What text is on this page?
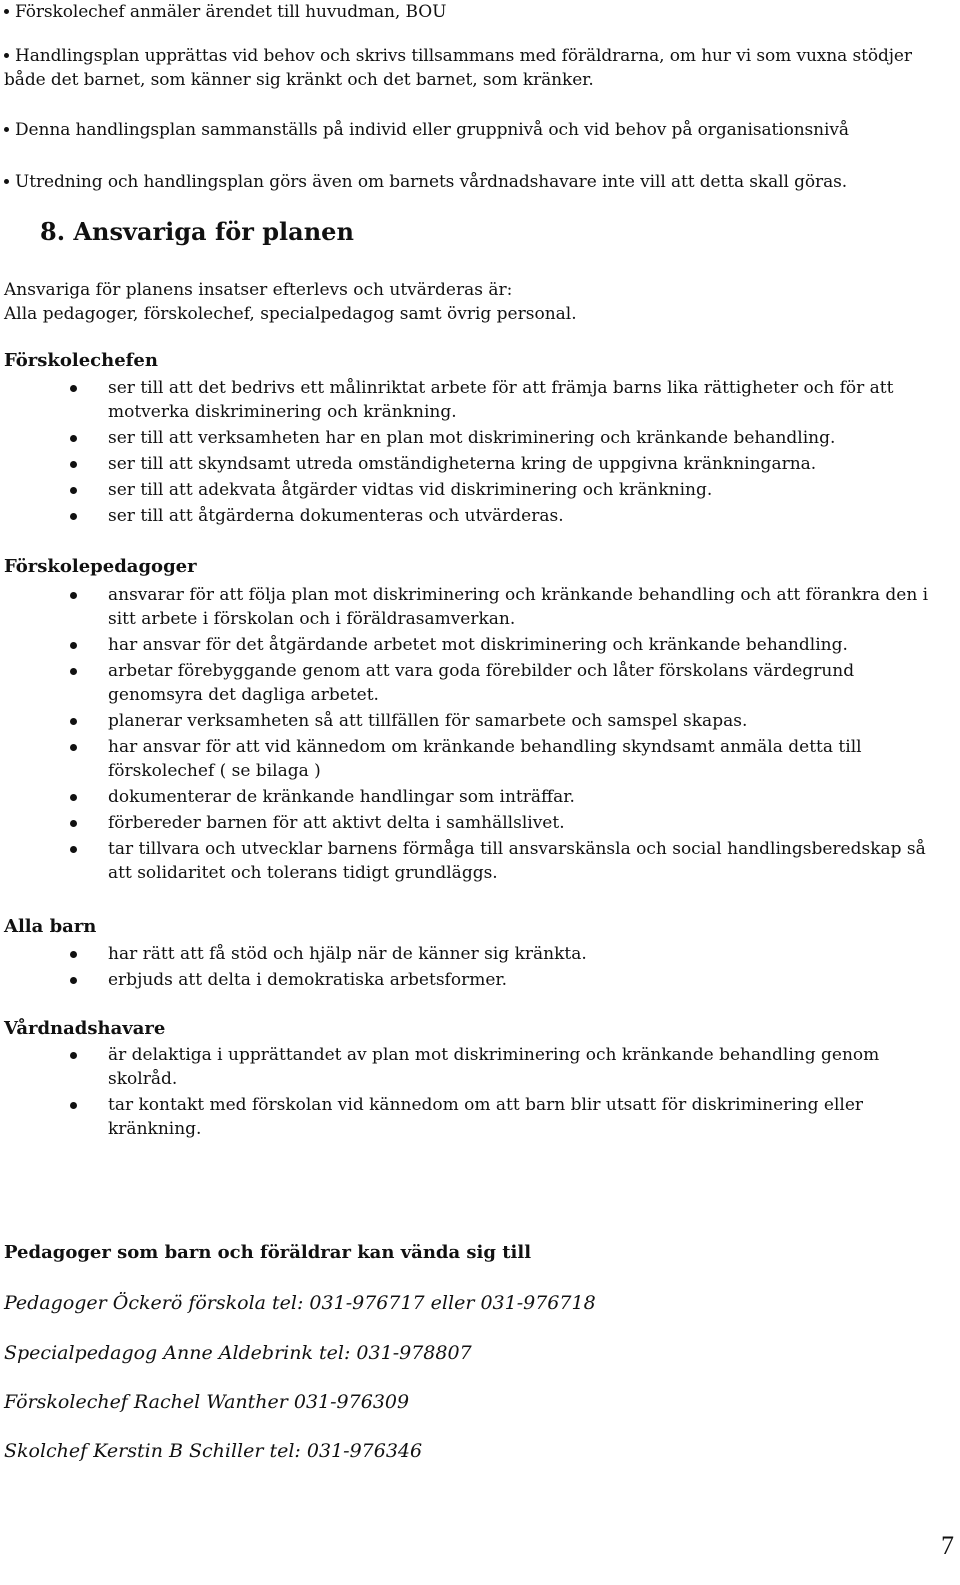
Förskolechef anmäler ärendet till huvudman, BOU
Handlingsplan upprättas vid behov och skrivs tillsammans med föräldrarna, om hur vi som vuxna stödjer både det barnet, som känner sig kränkt och det barnet, som kränker.
Denna handlingsplan sammanställs på individ eller gruppnivå och vid behov på organisationsnivå
Utredning och handlingsplan görs även om barnets vårdnadshavare inte vill att detta skall göras.
8. Ansvariga för planen
Ansvariga för planens insatser efterlevs och utvärderas är:
Alla pedagoger, förskolechef, specialpedagog samt övrig personal.
Förskolechefen
ser till att det bedrivs ett målinriktat arbete för att främja barns lika rättigheter och för att motverka diskriminering och kränkning.
ser till att verksamheten har en plan mot diskriminering och kränkande behandling.
ser till att skyndsamt utreda omständigheterna kring de uppgivna kränkningarna.
ser till att adekvata åtgärder vidtas vid diskriminering och kränkning.
ser till att åtgärderna dokumenteras och utvärderas.
Förskolepedagoger
ansvarar för att följa plan mot diskriminering och kränkande behandling och att förankra den i sitt arbete i förskolan och i föräldrasamverkan.
har ansvar för det åtgärdande arbetet mot diskriminering och kränkande behandling.
arbetar förebyggande genom att vara goda förebilder och låter förskolans värdegrund genomsyra det dagliga arbetet.
planerar verksamheten så att tillfällen för samarbete och samspel skapas.
har ansvar för att vid kännedom om kränkande behandling skyndsamt anmäla detta till förskolechef ( se bilaga )
dokumenterar de kränkande handlingar som inträffar.
förbereder barnen för att aktivt delta i samhällslivet.
tar tillvara och utvecklar barnens förmåga till ansvarskänsla och social handlingsberedskap så att solidaritet och tolerans tidigt grundläggs.
Alla barn
har rätt att få stöd och hjälp när de känner sig kränkta.
erbjuds att delta i demokratiska arbetsformer.
Vårdnadshavare
är delaktiga i upprättandet av plan mot diskriminering och kränkande behandling genom skolråd.
tar kontakt med förskolan vid kännedom om att barn blir utsatt för diskriminering eller kränkning.
Pedagoger som barn och föräldrar kan vända sig till
Pedagoger Öckerö förskola tel: 031-976717 eller 031-976718
Specialpedagog Anne Aldebrink tel: 031-978807
Förskolechef Rachel Wanther 031-976309
Skolchef Kerstin B Schiller tel: 031-976346
7
